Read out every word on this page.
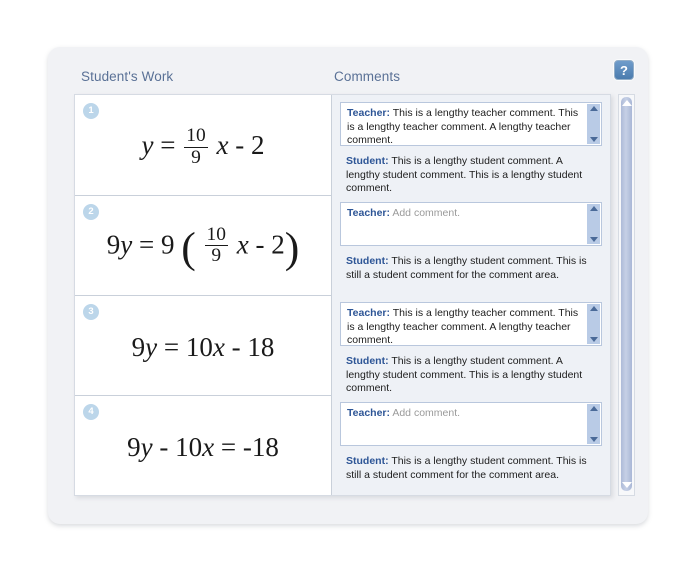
Student's Work	Comments	?
1
$y = \frac{10}{9}$ x - 2
Teacher: This is a lengthy teacher comment. This is a lengthy teacher comment. A lengthy teacher comment.
Student: This is a lengthy student comment. A lengthy student comment. This is a lengthy student comment.
2
9y = 9 ( $\frac{10}{9}$ x - 2)
Teacher: Add comment.
Student: This is a lengthy student comment. This is still a student comment for the comment area.
3
9y = 10x - 18
Teacher: This is a lengthy teacher comment. This is a lengthy teacher comment. A lengthy teacher comment.
Student: This is a lengthy student comment. A lengthy student comment. This is a lengthy student comment.
4
9y - 10x = -18
Teacher: Add comment.
Student: This is a lengthy student comment. This is still a student comment for the comment area.
